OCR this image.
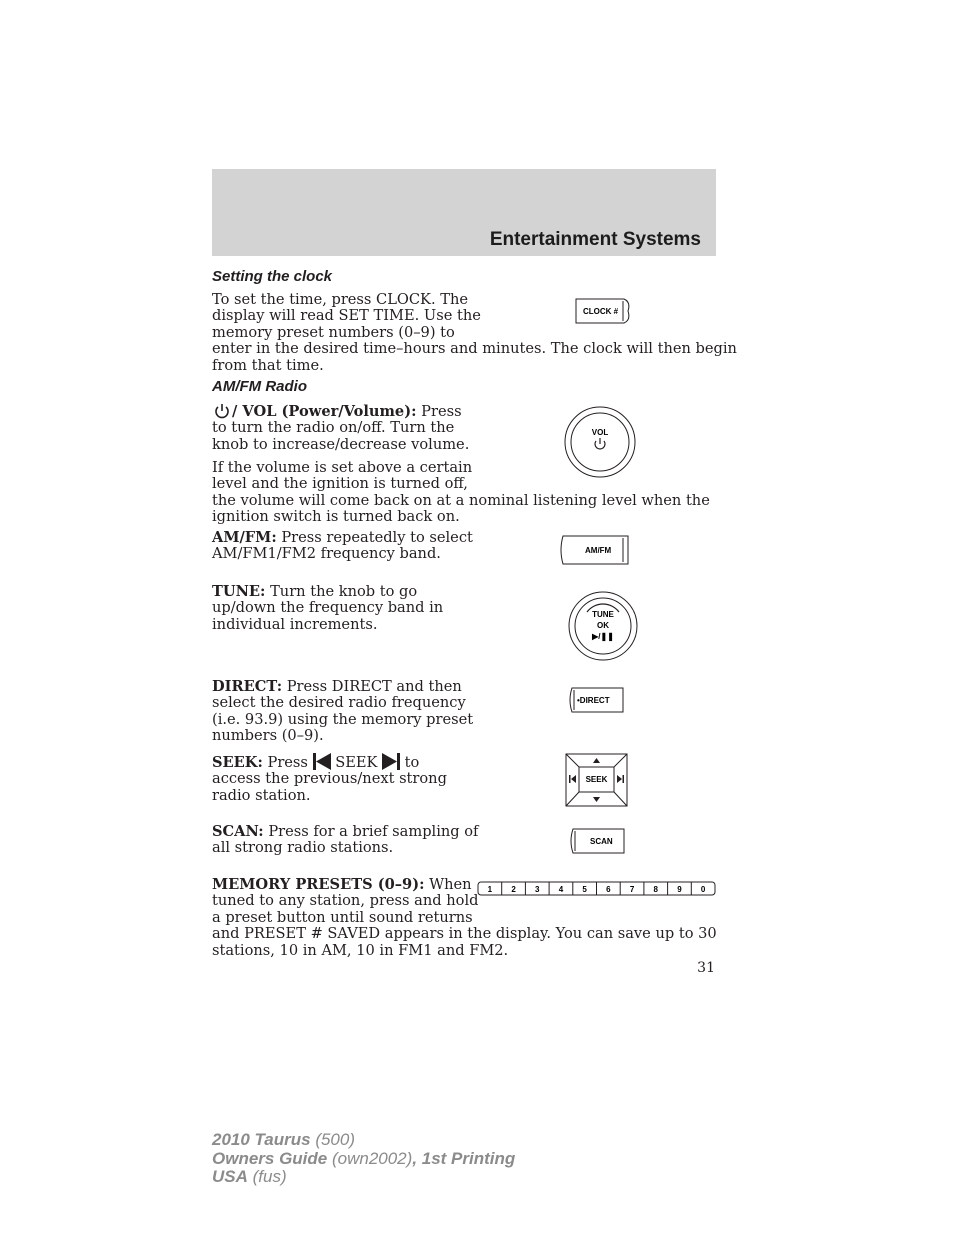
Entertainment Systems
Setting the clock

To set the time, press CLOCK. The
display will read SET TIME. Use the
memory preset numbers (0–9) to
enter in the desired time–hours and minutes. The clock will then begin
from that time.

CLOCK #
AM/FM Radio

/ VOL (Power/Volume): Press
to turn the radio on/off. Turn the
knob to increase/decrease volume.

VOL

If the volume is set above a certain
level and the ignition is turned off,
the volume will come back on at a nominal listening level when the
ignition switch is turned back on.

AM/FM: Press repeatedly to select
AM/FM1/FM2 frequency band.	AM/FM

TUNE: Turn the knob to go
up/down the frequency band in
individual increments.

TUNE
OK
▶/❚❚

DIRECT: Press DIRECT and then
select the desired radio frequency
(i.e. 93.9) using the memory preset
numbers (0–9).

•DIRECT

SEEK: Press  SEEK  to
access the previous/next strong
radio station.

SEEK

SCAN: Press for a brief sampling of
all strong radio stations.	SCAN

MEMORY PRESETS (0–9): When
tuned to any station, press and hold
a preset button until sound returns
and PRESET # SAVED appears in the display. You can save up to 30
stations, 10 in AM, 10 in FM1 and FM2.

1 2 3 4 5 6 7 8 9 0
31
2010 Taurus (500)
Owners Guide (own2002), 1st Printing
USA (fus)
